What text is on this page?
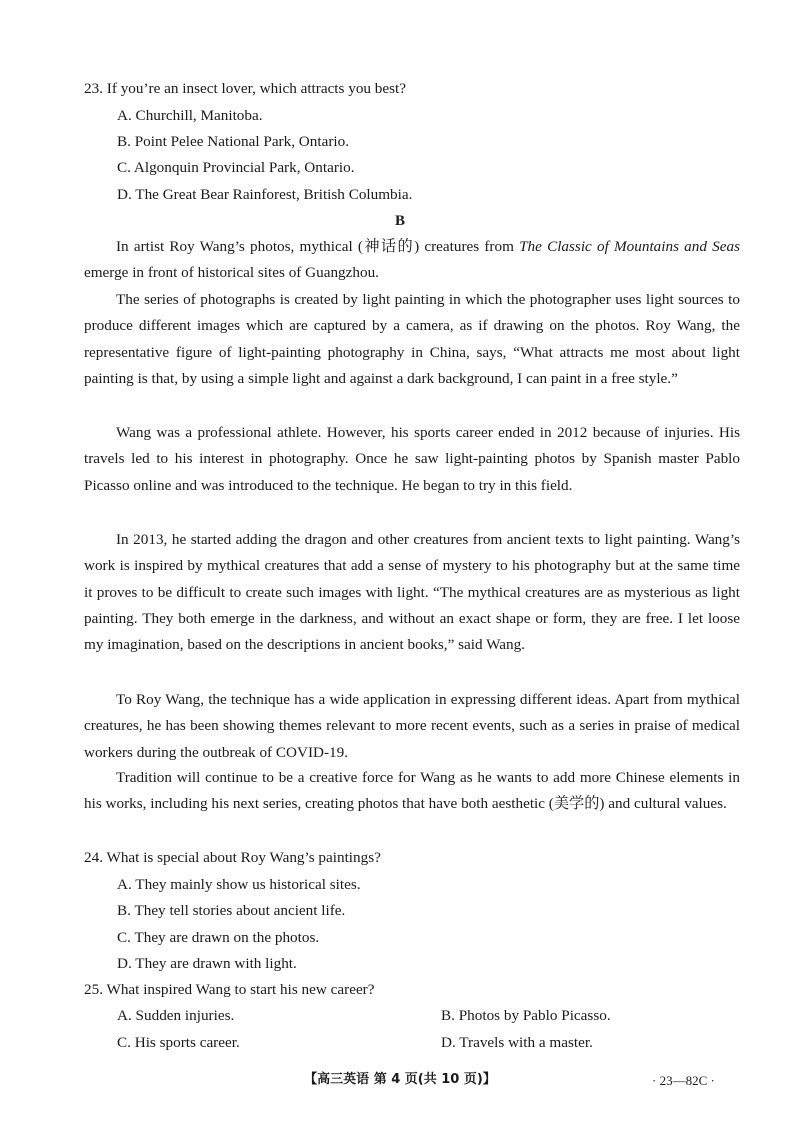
23. If you’re an insect lover, which attracts you best?
A. Churchill, Manitoba.
B. Point Pelee National Park, Ontario.
C. Algonquin Provincial Park, Ontario.
D. The Great Bear Rainforest, British Columbia.
B
In artist Roy Wang’s photos, mythical (神话的) creatures from The Classic of Mountains and Seas emerge in front of historical sites of Guangzhou.
The series of photographs is created by light painting in which the photographer uses light sources to produce different images which are captured by a camera, as if drawing on the photos. Roy Wang, the representative figure of light-painting photography in China, says, “What attracts me most about light painting is that, by using a simple light and against a dark background, I can paint in a free style.”
Wang was a professional athlete. However, his sports career ended in 2012 because of injuries. His travels led to his interest in photography. Once he saw light-painting photos by Spanish master Pablo Picasso online and was introduced to the technique. He began to try in this field.
In 2013, he started adding the dragon and other creatures from ancient texts to light painting. Wang’s work is inspired by mythical creatures that add a sense of mystery to his photography but at the same time it proves to be difficult to create such images with light. “The mythical creatures are as mysterious as light painting. They both emerge in the darkness, and without an exact shape or form, they are free. I let loose my imagination, based on the descriptions in ancient books,” said Wang.
To Roy Wang, the technique has a wide application in expressing different ideas. Apart from mythical creatures, he has been showing themes relevant to more recent events, such as a series in praise of medical workers during the outbreak of COVID-19.
Tradition will continue to be a creative force for Wang as he wants to add more Chinese elements in his works, including his next series, creating photos that have both aesthetic (美学的) and cultural values.
24. What is special about Roy Wang’s paintings?
A. They mainly show us historical sites.
B. They tell stories about ancient life.
C. They are drawn on the photos.
D. They are drawn with light.
25. What inspired Wang to start his new career?
A. Sudden injuries.	B. Photos by Pablo Picasso.
C. His sports career.	D. Travels with a master.
【高三英语 第 4 页(共 10 页)】	· 23—82C ·
